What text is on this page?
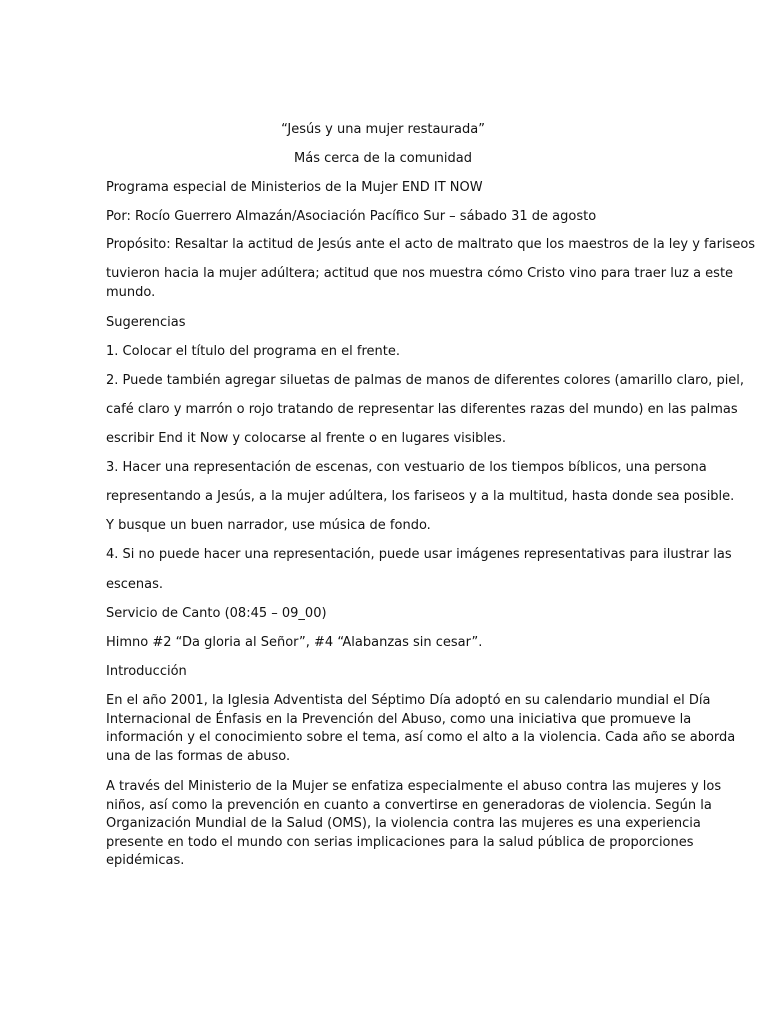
“Jesús y una mujer restaurada”
Más cerca de la comunidad
Programa especial de Ministerios de la Mujer END IT NOW
Por: Rocío Guerrero Almazán/Asociación Pacífico Sur – sábado 31 de agosto
Propósito: Resaltar la actitud de Jesús ante el acto de maltrato que los maestros de la ley y fariseos
tuvieron hacia la mujer adúltera; actitud que nos muestra cómo Cristo vino para traer luz a este
mundo.
Sugerencias
1. Colocar el título del programa en el frente.
2. Puede también agregar siluetas de palmas de manos de diferentes colores (amarillo claro, piel,
café claro y marrón o rojo tratando de representar las diferentes razas del mundo) en las palmas
escribir End it Now y colocarse al frente o en lugares visibles.
3. Hacer una representación de escenas, con vestuario de los tiempos bíblicos, una persona
representando a Jesús, a la mujer adúltera, los fariseos y a la multitud, hasta donde sea posible.
Y busque un buen narrador, use música de fondo.
4. Si no puede hacer una representación, puede usar imágenes representativas para ilustrar las
escenas.
Servicio de Canto (08:45 – 09_00)
Himno #2 “Da gloria al Señor”, #4 “Alabanzas sin cesar”.
Introducción
En el año 2001, la Iglesia Adventista del Séptimo Día adoptó en su calendario mundial el Día
Internacional de Énfasis en la Prevención del Abuso, como una iniciativa que promueve la
información y el conocimiento sobre el tema, así como el alto a la violencia. Cada año se aborda
una de las formas de abuso.
A través del Ministerio de la Mujer se enfatiza especialmente el abuso contra las mujeres y los
niños, así como la prevención en cuanto a convertirse en generadoras de violencia. Según la
Organización Mundial de la Salud (OMS), la violencia contra las mujeres es una experiencia
presente en todo el mundo con serias implicaciones para la salud pública de proporciones
epidémicas.
